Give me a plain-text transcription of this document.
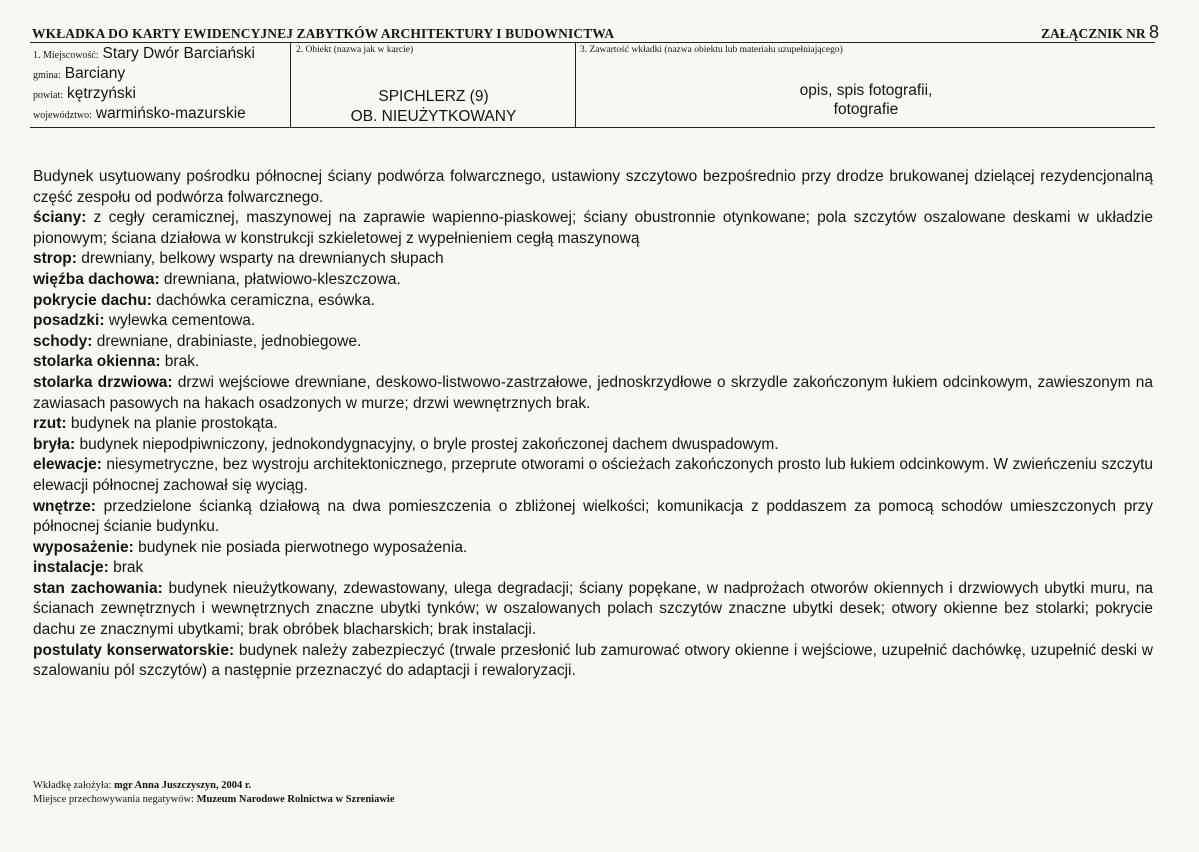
WKŁADKA DO KARTY EWIDENCYJNEJ ZABYTKÓW ARCHITEKTURY I BUDOWNICTWA	ZAŁĄCZNIK NR 8
1. Miejscowość: Stary Dwór Barciański
gmina: Barciany
powiat: kętrzyński
województwo: warmińsko-mazurskie
2. Obiekt (nazwa jak w karcie)
SPICHLERZ (9)
OB. NIEUŻYTKOWANY
3. Zawartość wkładki (nazwa obiektu lub materiału uzupełniającego)
opis, spis fotografii,
fotografie

Budynek usytuowany pośrodku północnej ściany podwórza folwarcznego, ustawiony szczytowo bezpośrednio przy drodze brukowanej dzielącej rezydencjonalną część zespołu od podwórza folwarcznego.

ściany: z cegły ceramicznej, maszynowej na zaprawie wapienno-piaskowej; ściany obustronnie otynkowane; pola szczytów oszalowane deskami w układzie pionowym; ściana działowa w konstrukcji szkieletowej z wypełnieniem cegłą maszynową

strop: drewniany, belkowy wsparty na drewnianych słupach

więźba dachowa: drewniana, płatwiowo-kleszczowa.

pokrycie dachu: dachówka ceramiczna, esówka.

posadzki: wylewka cementowa.

schody: drewniane, drabiniaste, jednobiegowe.

stolarka okienna: brak.

stolarka drzwiowa: drzwi wejściowe drewniane, deskowo-listwowo-zastrzałowe, jednoskrzydłowe o skrzydle zakończonym łukiem odcinkowym, zawieszonym na zawiasach pasowych na hakach osadzonych w murze; drzwi wewnętrznych brak.

rzut: budynek na planie prostokąta.

bryła: budynek niepodpiwniczony, jednokondygnacyjny, o bryle prostej zakończonej dachem dwuspadowym.

elewacje: niesymetryczne, bez wystroju architektonicznego, przeprute otworami o ościeżach zakończonych prosto lub łukiem odcinkowym. W zwieńczeniu szczytu elewacji północnej zachował się wyciąg.

wnętrze: przedzielone ścianką działową na dwa pomieszczenia o zbliżonej wielkości; komunikacja z poddaszem za pomocą schodów umieszczonych przy północnej ścianie budynku.

wyposażenie: budynek nie posiada pierwotnego wyposażenia.

instalacje: brak

stan zachowania: budynek nieużytkowany, zdewastowany, ulega degradacji; ściany popękane, w nadprożach otworów okiennych i drzwiowych ubytki muru, na ścianach zewnętrznych i wewnętrznych znaczne ubytki tynków; w oszalowanych polach szczytów znaczne ubytki desek; otwory okienne bez stolarki; pokrycie dachu ze znacznymi ubytkami; brak obróbek blacharskich; brak instalacji.

postulaty konserwatorskie: budynek należy zabezpieczyć (trwale przesłonić lub zamurować otwory okienne i wejściowe, uzupełnić dachówkę, uzupełnić deski w szalowaniu pól szczytów) a następnie przeznaczyć do adaptacji i rewaloryzacji.

Wkładkę założyła: mgr Anna Juszczyszyn, 2004 r.
Miejsce przechowywania negatywów: Muzeum Narodowe Rolnictwa w Szreniawie
